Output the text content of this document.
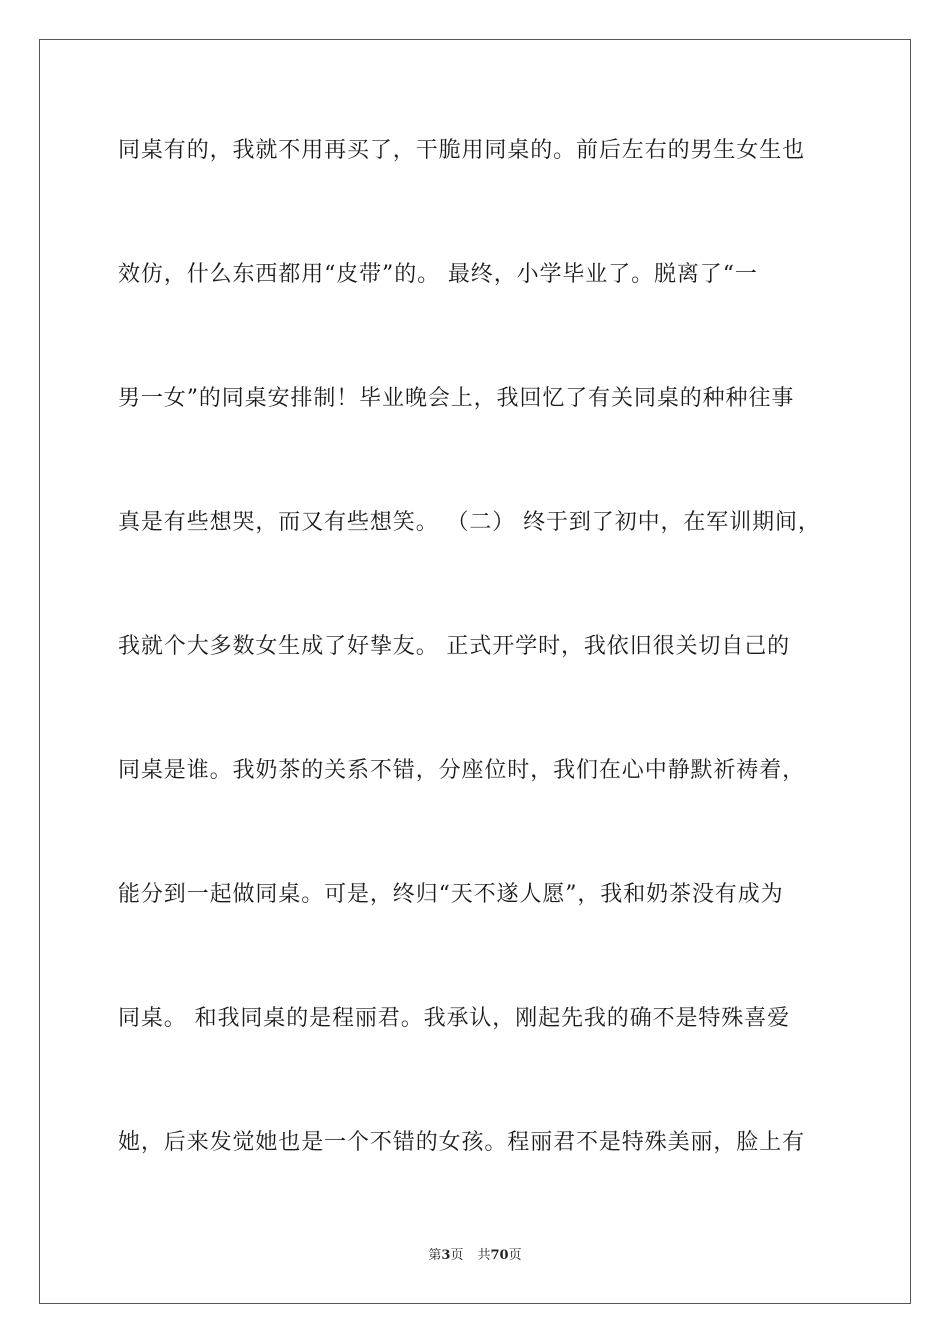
同桌有的，我就不用再买了，干脆用同桌的。前后左右的男生女生也
效仿，什么东西都用“皮带”的。 最终，小学毕业了。脱离了“一
男一女”的同桌安排制！毕业晚会上，我回忆了有关同桌的种种往事
真是有些想哭，而又有些想笑。 （二） 终于到了初中，在军训期间，
我就个大多数女生成了好挚友。 正式开学时，我依旧很关切自己的
同桌是谁。我奶茶的关系不错，分座位时，我们在心中静默祈祷着，
能分到一起做同桌。可是，终归“天不遂人愿”，我和奶茶没有成为
同桌。 和我同桌的是程丽君。我承认，刚起先我的确不是特殊喜爱
她，后来发觉她也是一个不错的女孩。程丽君不是特殊美丽，脸上有
第3页 共70页
